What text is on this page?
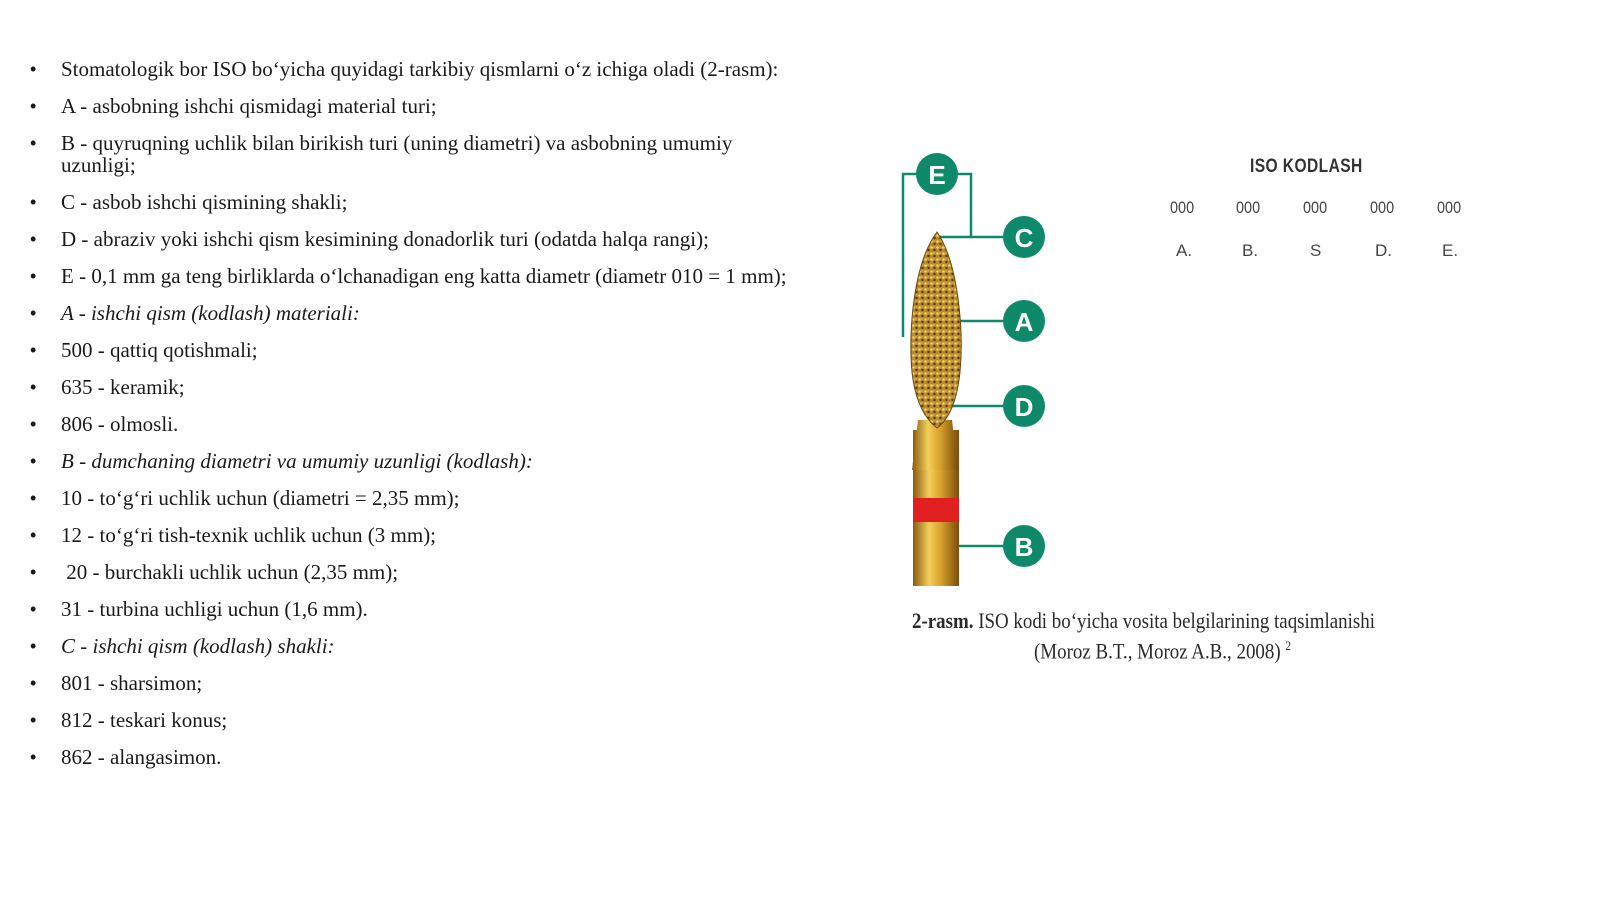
• Stomatologik bor ISO bo‘yicha quyidagi tarkibiy qismlarni o‘z ichiga oladi (2-rasm):
• A - asbobning ishchi qismidagi material turi;
• B - quyruqning uchlik bilan birikish turi (uning diametri) va asbobning umumiy uzunligi;
• C - asbob ishchi qismining shakli;
• D - abraziv yoki ishchi qism kesimining donadorlik turi (odatda halqa rangi);
• E - 0,1 mm ga teng birliklarda o‘lchanadigan eng katta diametr (diametr 010 = 1 mm);
• A - ishchi qism (kodlash) materiali:
• 500 - qattiq qotishmali;
• 635 - keramik;
• 806 - olmosli.
• B - dumchaning diametri va umumiy uzunligi (kodlash):
• 10 - to‘g‘ri uchlik uchun (diametri = 2,35 mm);
• 12 - to‘g‘ri tish-texnik uchlik uchun (3 mm);
• 20 - burchakli uchlik uchun (2,35 mm);
• 31 - turbina uchligi uchun (1,6 mm).
• C - ishchi qism (kodlash) shakli:
• 801 - sharsimon;
• 812 - teskari konus;
• 862 - alangasimon.
E
C
A
D
B
ISO KODLASH
000 000	000	000	000
A.	B.	S	D.	E.
2-rasm. ISO kodi bo‘yicha vosita belgilarining taqsimlanishi
(Moroz B.T., Moroz A.B., 2008) $^2$
